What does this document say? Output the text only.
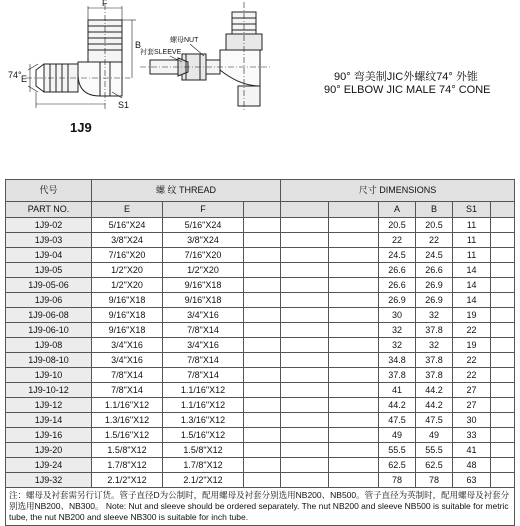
F
B
E
S1
74°
螺母NUT
衬套SLEEVE
90° 弯美制JIC外螺纹74° 外锥
90° ELBOW JIC MALE 74° CONE
1J9
代号	螺 纹 THREAD			尺寸 DIMENSIONS					
PART NO.	E	F				A	B	S1	
1J9-02	5/16"X24	5/16"X24				20.5	20.5	11	
1J9-03	3/8"X24	3/8"X24				22	22	11	
1J9-04	7/16"X20	7/16"X20				24.5	24.5	11	
1J9-05	1/2"X20	1/2"X20				26.6	26.6	14	
1J9-05-06	1/2"X20	9/16"X18				26.6	26.9	14	
1J9-06	9/16"X18	9/16"X18				26.9	26.9	14	
1J9-06-08	9/16"X18	3/4"X16				30	32	19	
1J9-06-10	9/16"X18	7/8"X14				32	37.8	22	
1J9-08	3/4"X16	3/4"X16				32	32	19	
1J9-08-10	3/4"X16	7/8"X14				34.8	37.8	22	
1J9-10	7/8"X14	7/8"X14				37.8	37.8	22	
1J9-10-12	7/8"X14	1.1/16"X12				41	44.2	27	
1J9-12	1.1/16"X12	1.1/16"X12				44.2	44.2	27	
1J9-14	1.3/16"X12	1.3/16"X12				47.5	47.5	30	
1J9-16	1.5/16"X12	1.5/16"X12				49	49	33	
1J9-20	1.5/8"X12	1.5/8"X12				55.5	55.5	41	
1J9-24	1.7/8"X12	1.7/8"X12				62.5	62.5	48	
1J9-32	2.1/2"X12	2.1/2"X12				78	78	63	
注：螺母及衬套需另行订货。管子直径D为公制时，配用螺母及衬套分别选用NB200、NB500。管子直径为英制时，配用螺母及衬套分别选用NB200、NB300。 Note: Nut and sleeve should be ordered separately. The nut NB200 and sleeve NB500 is suitable for metric tube, the nut NB200 and sleeve NB300 is suitable for inch tube.									
